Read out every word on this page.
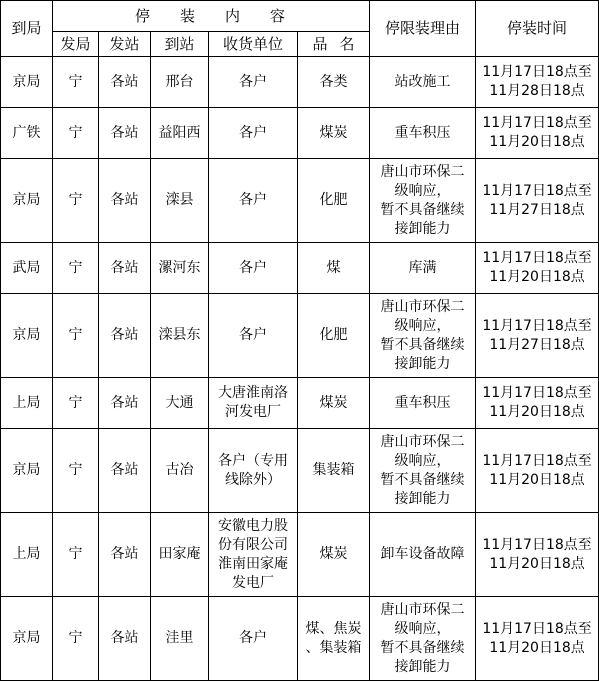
到局	停装内容					停限装理由	停装时间
	发局	发站	到站	收货单位	品名		
京局	宁	各站	邢台	各户	各类	站改施工	11月17日18点至
11月28日18点

广铁	宁	各站	益阳西	各户	煤炭	重车积压	11月17日18点至
11月20日18点

京局	宁	各站	滦县	各户	化肥	唐山市环保二
级响应，
暂不具备继续
接卸能力	11月17日18点至
11月27日18点

武局	宁	各站	漯河东	各户	煤	库满	11月17日18点至
11月20日18点

京局	宁	各站	滦县东	各户	化肥	唐山市环保二
级响应，
暂不具备继续
接卸能力	11月17日18点至
11月27日18点

上局	宁	各站	大通	大唐淮南洛
河发电厂	煤炭	重车积压	11月17日18点至
11月20日18点

京局	宁	各站	古冶	各户（专用
线除外）	集装箱	唐山市环保二
级响应，
暂不具备继续
接卸能力	11月17日18点至
11月20日18点

上局	宁	各站	田家庵	安徽电力股
份有限公司
淮南田家庵
发电厂	煤炭	卸车设备故障	11月17日18点至
11月20日18点

京局	宁	各站	洼里	各户	煤、焦炭
、集装箱	唐山市环保二
级响应，
暂不具备继续
接卸能力	11月17日18点至
11月20日18点
